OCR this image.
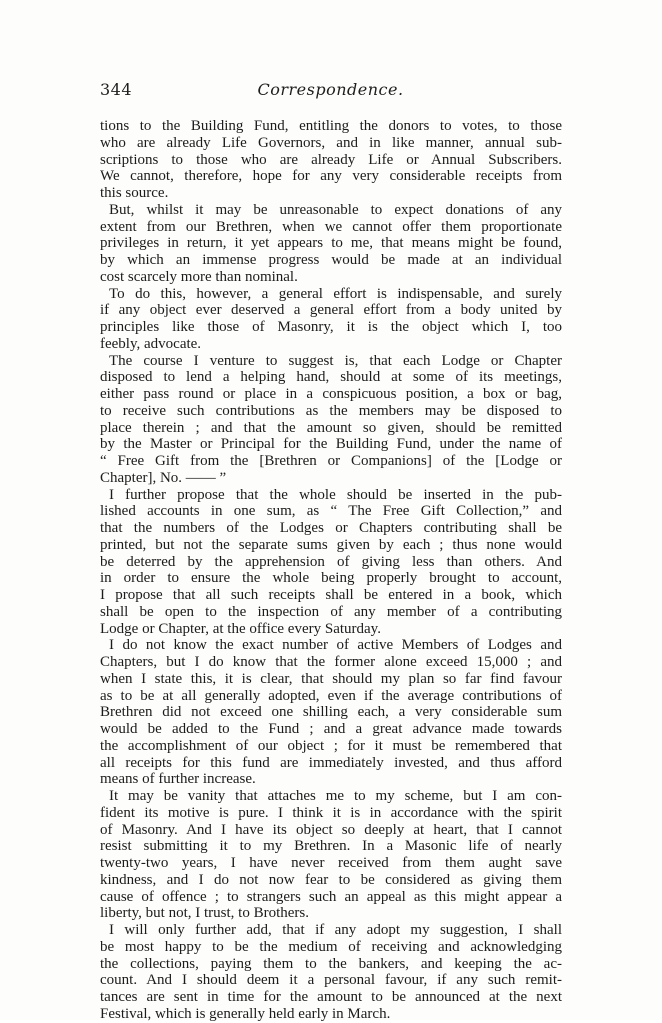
344	Correspondence.
tions to the Building Fund, entitling the donors to votes, to those
who are already Life Governors, and in like manner, annual sub-
scriptions to those who are already Life or Annual Subscribers.
We cannot, therefore, hope for any very considerable receipts from
this source.
But, whilst it may be unreasonable to expect donations of any
extent from our Brethren, when we cannot offer them proportionate
privileges in return, it yet appears to me, that means might be found,
by which an immense progress would be made at an individual
cost scarcely more than nominal.
To do this, however, a general effort is indispensable, and surely
if any object ever deserved a general effort from a body united by
principles like those of Masonry, it is the object which I, too
feebly, advocate.
The course I venture to suggest is, that each Lodge or Chapter
disposed to lend a helping hand, should at some of its meetings,
either pass round or place in a conspicuous position, a box or bag,
to receive such contributions as the members may be disposed to
place therein ; and that the amount so given, should be remitted
by the Master or Principal for the Building Fund, under the name of
“ Free Gift from the [Brethren or Companions] of the [Lodge or
Chapter], No. —— ”
I further propose that the whole should be inserted in the pub-
lished accounts in one sum, as “ The Free Gift Collection,” and
that the numbers of the Lodges or Chapters contributing shall be
printed, but not the separate sums given by each ; thus none would
be deterred by the apprehension of giving less than others. And
in order to ensure the whole being properly brought to account,
I propose that all such receipts shall be entered in a book, which
shall be open to the inspection of any member of a contributing
Lodge or Chapter, at the office every Saturday.
I do not know the exact number of active Members of Lodges and
Chapters, but I do know that the former alone exceed 15,000 ; and
when I state this, it is clear, that should my plan so far find favour
as to be at all generally adopted, even if the average contributions of
Brethren did not exceed one shilling each, a very considerable sum
would be added to the Fund ; and a great advance made towards
the accomplishment of our object ; for it must be remembered that
all receipts for this fund are immediately invested, and thus afford
means of further increase.
It may be vanity that attaches me to my scheme, but I am con-
fident its motive is pure. I think it is in accordance with the spirit
of Masonry. And I have its object so deeply at heart, that I cannot
resist submitting it to my Brethren. In a Masonic life of nearly
twenty-two years, I have never received from them aught save
kindness, and I do not now fear to be considered as giving them
cause of offence ; to strangers such an appeal as this might appear a
liberty, but not, I trust, to Brothers.
I will only further add, that if any adopt my suggestion, I shall
be most happy to be the medium of receiving and acknowledging
the collections, paying them to the bankers, and keeping the ac-
count. And I should deem it a personal favour, if any such remit-
tances are sent in time for the amount to be announced at the next
Festival, which is generally held early in March.
